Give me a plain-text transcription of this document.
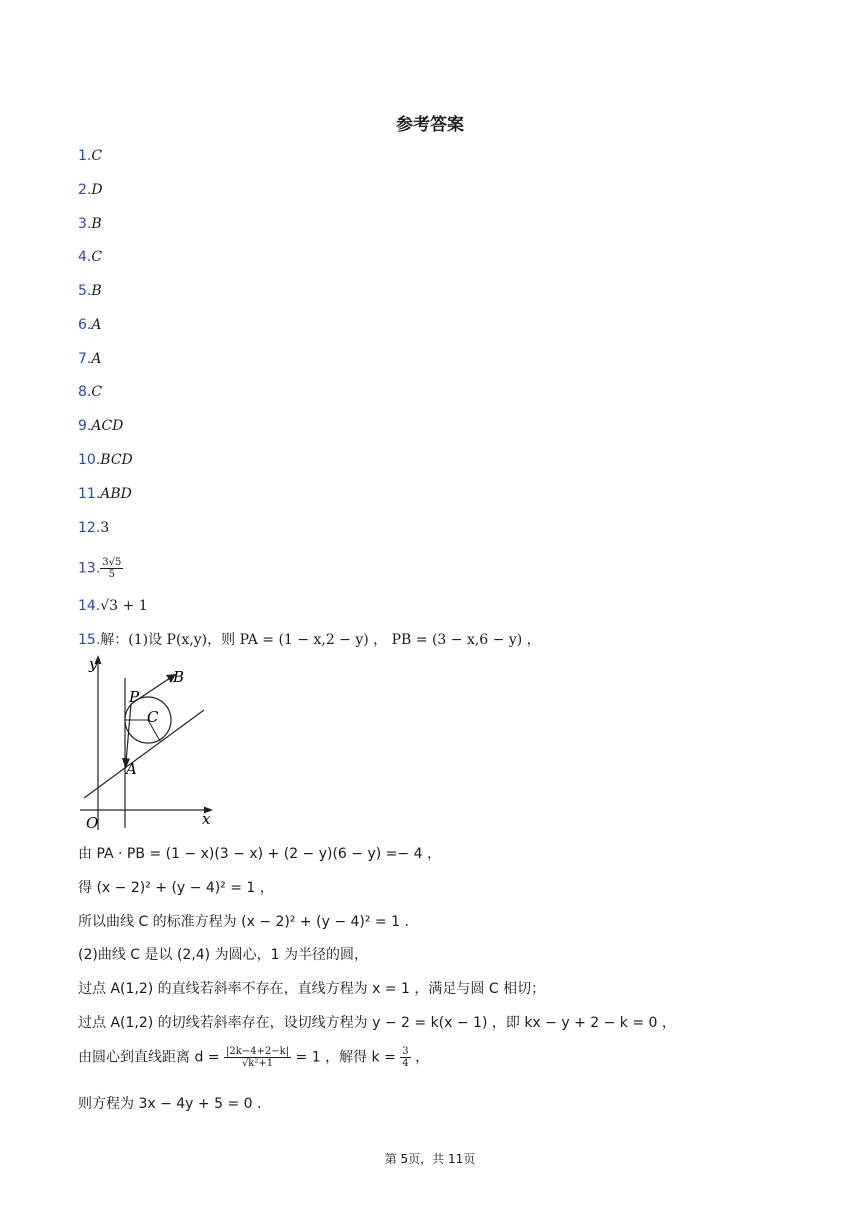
参考答案
1.C
2.D
3.B
4.C
5.B
6.A
7.A
8.C
9.ACD
10.BCD
11.ABD
12.3
13. $\frac{3√5}{5}$
14.√3 + 1
15.解：(1)设 P(x,y)，则 PA = (1 − x,2 − y) ， PB = (3 − x,6 − y) ，
y
x
O
P
B
C
A
由 PA · PB = (1 − x)(3 − x) + (2 − y)(6 − y) =− 4 ，
得 (x − 2)² + (y − 4)² = 1 ，
所以曲线 C 的标准方程为 (x − 2)² + (y − 4)² = 1 .
(2)曲线 C 是以 (2,4) 为圆心，1 为半径的圆，
过点 A(1,2) 的直线若斜率不存在，直线方程为 x = 1 ，满足与圆 C 相切；
过点 A(1,2) 的切线若斜率存在，设切线方程为 y − 2 = k(x − 1) ，即 kx − y + 2 − k = 0 ，
由圆心到直线距离 $d = \frac{|2k-4+2-k|}{\text{√k²+1}} = 1$ ，解得 $k = \frac{3}{4}$ ，
则方程为 3x − 4y + 5 = 0 .
第 5页，共 11页
